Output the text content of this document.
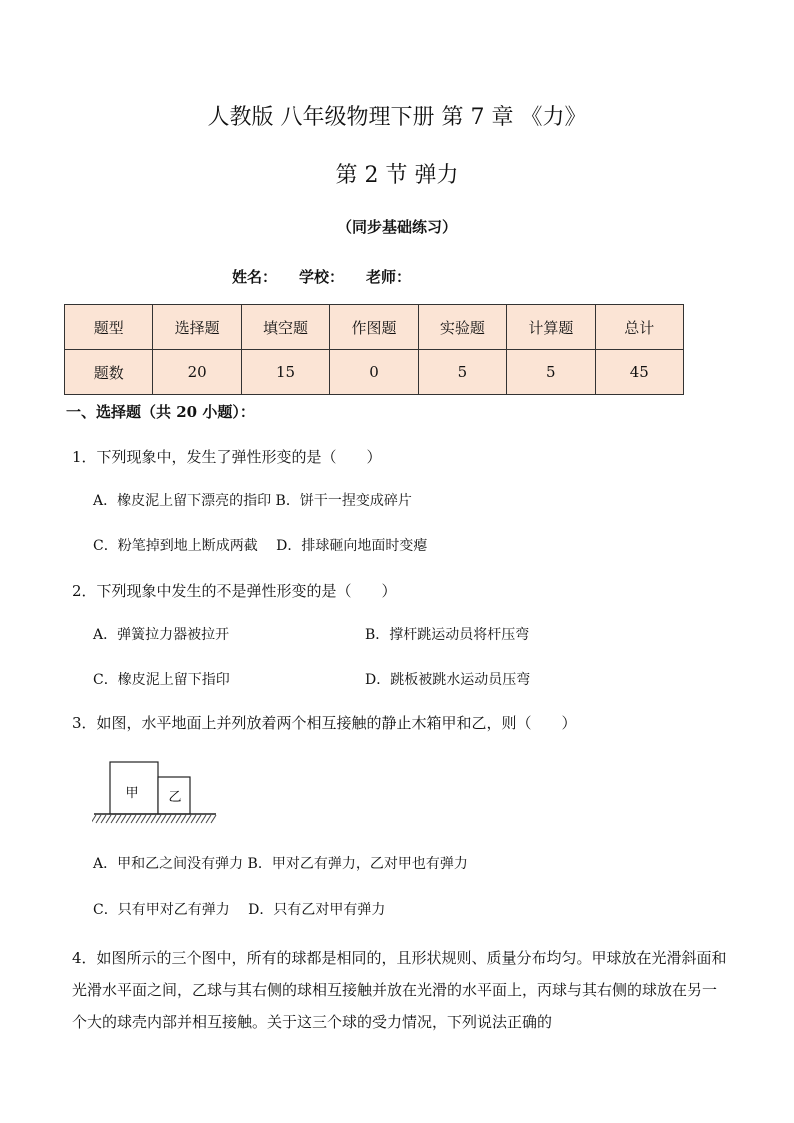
人教版 八年级物理下册 第 7 章 《力》
第 2 节 弹力
（同步基础练习）
姓名： 学校： 老师：
题型	选择题	填空题	作图题	实验题	计算题	总计
题数	20	15	0	5	5	45
一、选择题（共 20 小题）：
1．下列现象中，发生了弹性形变的是（　　）
A．橡皮泥上留下漂亮的指印 B．饼干一捏变成碎片
C．粉笔掉到地上断成两截　 D．排球砸向地面时变瘪
2．下列现象中发生的不是弹性形变的是（　　）
A．弹簧拉力器被拉开	B．撑杆跳运动员将杆压弯
C．橡皮泥上留下指印	D．跳板被跳水运动员压弯
3．如图，水平地面上并列放着两个相互接触的静止木箱甲和乙，则（　　）
甲 乙
A．甲和乙之间没有弹力 B．甲对乙有弹力，乙对甲也有弹力
C．只有甲对乙有弹力　 D．只有乙对甲有弹力
4．如图所示的三个图中，所有的球都是相同的，且形状规则、质量分布均匀。甲球放在光滑斜面和光滑水平面之间，乙球与其右侧的球相互接触并放在光滑的水平面上，丙球与其右侧的球放在另一个大的球壳内部并相互接触。关于这三个球的受力情况，下列说法正确的
